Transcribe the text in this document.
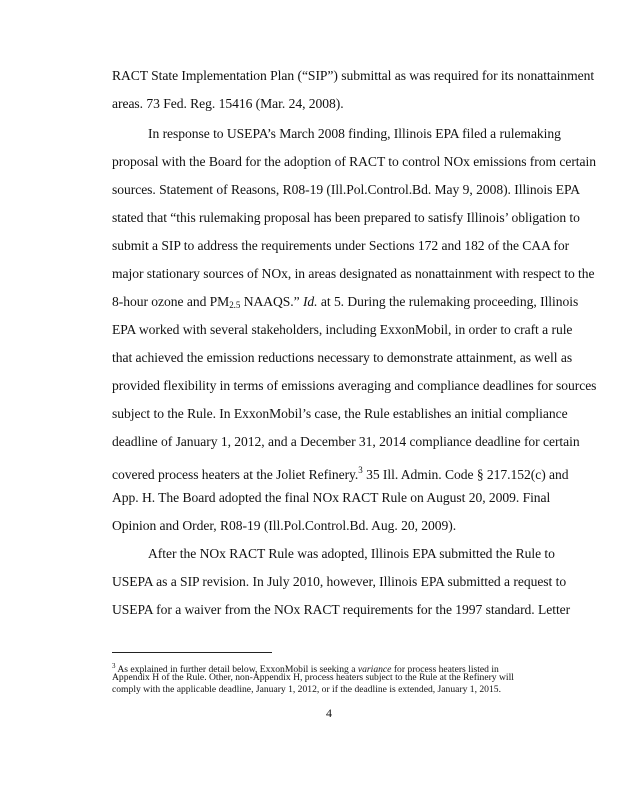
RACT State Implementation Plan (“SIP”) submittal as was required for its nonattainment
areas. 73 Fed. Reg. 15416 (Mar. 24, 2008).
In response to USEPA’s March 2008 finding, Illinois EPA filed a rulemaking
proposal with the Board for the adoption of RACT to control NOx emissions from certain
sources. Statement of Reasons, R08-19 (Ill.Pol.Control.Bd. May 9, 2008). Illinois EPA
stated that “this rulemaking proposal has been prepared to satisfy Illinois’ obligation to
submit a SIP to address the requirements under Sections 172 and 182 of the CAA for
major stationary sources of NOx, in areas designated as nonattainment with respect to the
8-hour ozone and $PM_{2.5}$ NAAQS.” Id. at 5. During the rulemaking proceeding, Illinois
EPA worked with several stakeholders, including ExxonMobil, in order to craft a rule
that achieved the emission reductions necessary to demonstrate attainment, as well as
provided flexibility in terms of emissions averaging and compliance deadlines for sources
subject to the Rule. In ExxonMobil’s case, the Rule establishes an initial compliance
deadline of January 1, 2012, and a December 31, 2014 compliance deadline for certain
covered process heaters at the Joliet Refinery.$^3$ 35 Ill. Admin. Code § 217.152(c) and
App. H. The Board adopted the final NOx RACT Rule on August 20, 2009. Final
Opinion and Order, R08-19 (Ill.Pol.Control.Bd. Aug. 20, 2009).
After the NOx RACT Rule was adopted, Illinois EPA submitted the Rule to
USEPA as a SIP revision. In July 2010, however, Illinois EPA submitted a request to
USEPA for a waiver from the NOx RACT requirements for the 1997 standard. Letter
$^3$ As explained in further detail below, ExxonMobil is seeking a variance for process heaters listed in
Appendix H of the Rule. Other, non-Appendix H, process heaters subject to the Rule at the Refinery will
comply with the applicable deadline, January 1, 2012, or if the deadline is extended, January 1, 2015.
4
